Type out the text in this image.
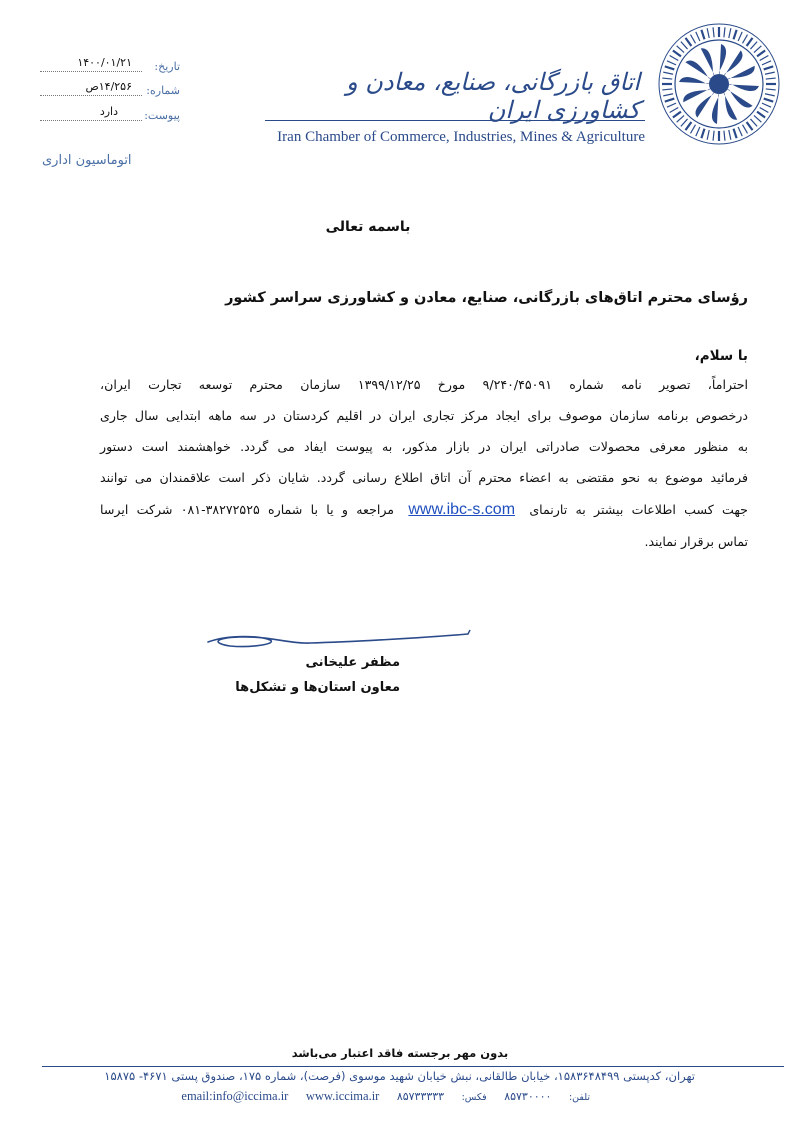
تاریخ:
۱۴۰۰/۰۱/۲۱
شماره:
۱۴/۲۵۶ص
پیوست:
دارد
اتوماسیون اداری
اتاق بازرگانی، صنایع، معادن و کشاورزی ایران
Iran Chamber of Commerce, Industries, Mines & Agriculture
باسمه تعالی
رؤسای محترم اتاق‌های بازرگانی، صنایع، معادن و کشاورزی سراسر کشور
با سلام،
احتراماً، تصویر نامه شماره ۹/۲۴۰/۴۵۰۹۱ مورخ ۱۳۹۹/۱۲/۲۵ سازمان محترم توسعه تجارت ایران،
درخصوص برنامه سازمان موصوف برای ایجاد مرکز تجاری ایران در اقلیم کردستان در سه ماهه ابتدایی سال جاری
به منظور معرفی محصولات صادراتی ایران در بازار مذکور، به پیوست ایفاد می گردد. خواهشمند است دستور
فرمائید موضوع به نحو مقتضی به اعضاء محترم آن اتاق اطلاع رسانی گردد. شایان ذکر است علاقمندان می توانند
جهت کسب اطلاعات بیشتر به تارنمای www.ibc-s.com مراجعه و یا با شماره ۳۸۲۷۲۵۲۵-۰۸۱ شرکت ایرسا
تماس برقرار نمایند.
مظفر علیخانی
معاون استان‌ها و تشکل‌ها
بدون مهر برجسته فاقد اعتبار می‌باشد
تهران، کدپستی ۱۵۸۳۶۴۸۴۹۹، خیابان طالقانی، نبش خیابان شهید موسوی (فرصت)، شماره ۱۷۵، صندوق پستی ۴۶۷۱- ۱۵۸۷۵
تلفن: ۸۵۷۳۰۰۰۰ فکس: ۸۵۷۳۳۳۳۳ email:info@iccima.ir www.iccima.ir
